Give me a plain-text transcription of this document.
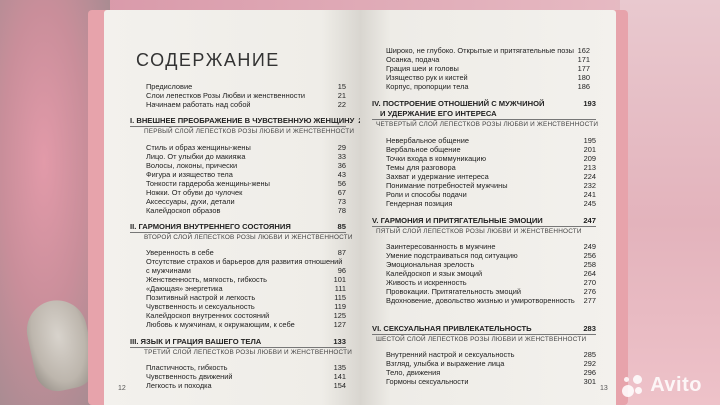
СОДЕРЖАНИЕ
Предисловие	15
Слои лепестков Розы Любви и женственности	21
Начинаем работать над собой	22
I. ВНЕШНЕЕ ПРЕОБРАЖЕНИЕ В ЧУВСТВЕННУЮ ЖЕНЩИНУ
ПЕРВЫЙ СЛОЙ ЛЕПЕСТКОВ РОЗЫ ЛЮБВИ И ЖЕНСТВЕННОСТИ
Стиль и образ женщины-жены	29
Лицо. От улыбки до макияжа	33
Волосы, локоны, прически	36
Фигура и изящество тела	43
Тонкости гардероба женщины-жены	56
Ножки. От обуви до чулочек	67
Аксессуары, духи, детали	73
Калейдоскоп образов	78
II. ГАРМОНИЯ ВНУТРЕННЕГО СОСТОЯНИЯ	85
ВТОРОЙ СЛОЙ ЛЕПЕСТКОВ РОЗЫ ЛЮБВИ И ЖЕНСТВЕННОСТИ
Уверенность в себе	87
Отсутствие страхов и барьеров для развития отношений
с мужчинами	96
Женственность, мягкость, гибкость	101
«Дающая» энергетика	111
Позитивный настрой и легкость	115
Чувственность и сексуальность	119
Калейдоскоп внутренних состояний	125
Любовь к мужчинам, к окружающим, к себе	127
III. ЯЗЫК И ГРАЦИЯ ВАШЕГО ТЕЛА	133
ТРЕТИЙ СЛОЙ ЛЕПЕСТКОВ РОЗЫ ЛЮБВИ И ЖЕНСТВЕННОСТИ
Пластичность, гибкость	135
Чувственность движений	141
Легкость и походка	154
12
Широко, не глубоко. Открытые и притягательные позы 162
Осанка, подача	171
Грация шеи и головы	177
Изящество рук и кистей	180
Корпус, пропорции тела	186
IV. ПОСТРОЕНИЕ ОТНОШЕНИЙ С МУЖЧИНОЙ	193
И УДЕРЖАНИЕ ЕГО ИНТЕРЕСА
ЧЕТВЕРТЫЙ СЛОЙ ЛЕПЕСТКОВ РОЗЫ ЛЮБВИ И ЖЕНСТВЕННОСТИ
Невербальное общение	195
Вербальное общение	201
Точки входа в коммуникацию	209
Темы для разговора	213
Захват и удержание интереса	224
Понимание потребностей мужчины	232
Роли и способы подачи	241
Гендерная позиция	245
V. ГАРМОНИЯ И ПРИТЯГАТЕЛЬНЫЕ ЭМОЦИИ	247
ПЯТЫЙ СЛОЙ ЛЕПЕСТКОВ РОЗЫ ЛЮБВИ И ЖЕНСТВЕННОСТИ
Заинтересованность в мужчине	249
Умение подстраиваться под ситуацию	256
Эмоциональная зрелость	258
Калейдоскоп и язык эмоций	264
Живость и искренность	270
Провокации. Притягательность эмоций	276
Вдохновение, довольство жизнью и умиротворенность	277
VI. СЕКСУАЛЬНАЯ ПРИВЛЕКАТЕЛЬНОСТЬ	283
ШЕСТОЙ СЛОЙ ЛЕПЕСТКОВ РОЗЫ ЛЮБВИ И ЖЕНСТВЕННОСТИ
Внутренний настрой и сексуальность	285
Взгляд, улыбка и выражение лица	292
Тело, движения	296
Гормоны сексуальности	301
13 Avito
